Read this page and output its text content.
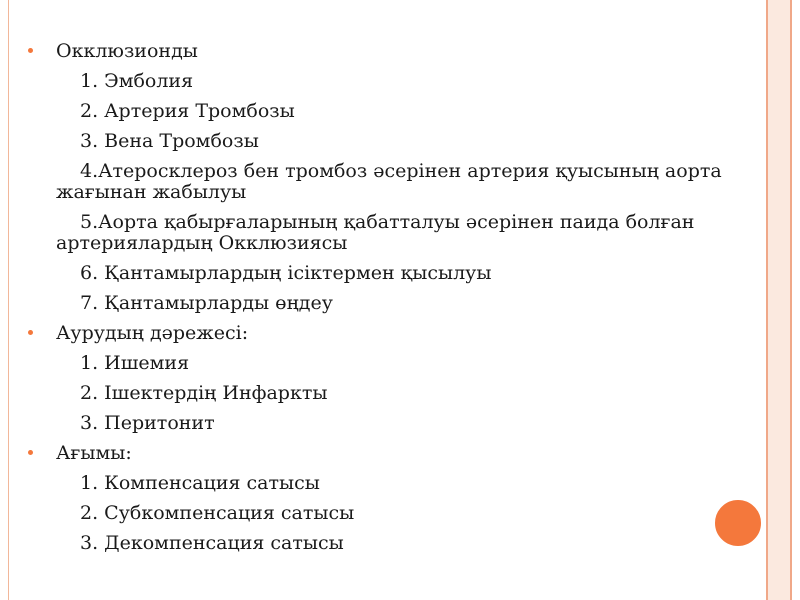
Окклюзионды
1. Эмболия
2. Артерия Тромбозы
3. Вена Тромбозы
4.Атеросклероз бен тромбоз әсерінен артерия қуысының аорта жағынан жабылуы
5.Аорта қабырғаларының қабатталуы әсерінен паида болған артериялардың Окклюзиясы
6. Қантамырлардың ісіктермен қысылуы
7. Қантамырларды өңдеу
Аурудың дәрежесі:
1. Ишемия
2. Ішектердің Инфаркты
3. Перитонит
Ағымы:
1. Компенсация сатысы
2. Субкомпенсация сатысы
3. Декомпенсация сатысы
